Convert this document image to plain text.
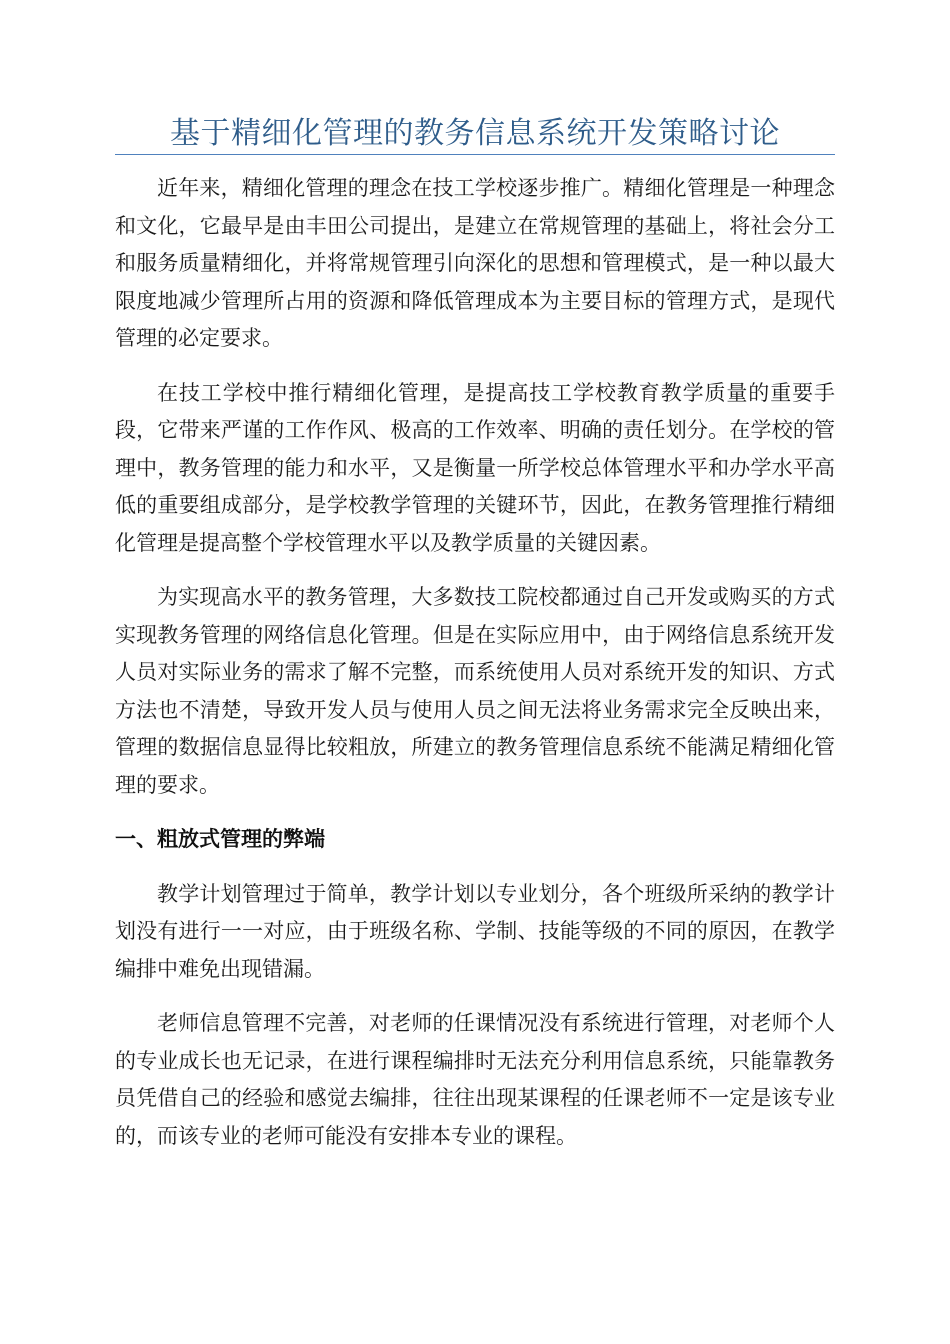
基于精细化管理的教务信息系统开发策略讨论

近年来，精细化管理的理念在技工学校逐步推广。精细化管理是一种理念和文化，它最早是由丰田公司提出，是建立在常规管理的基础上，将社会分工和服务质量精细化，并将常规管理引向深化的思想和管理模式，是一种以最大限度地减少管理所占用的资源和降低管理成本为主要目标的管理方式，是现代管理的必定要求。

在技工学校中推行精细化管理，是提高技工学校教育教学质量的重要手段，它带来严谨的工作作风、极高的工作效率、明确的责任划分。在学校的管理中，教务管理的能力和水平，又是衡量一所学校总体管理水平和办学水平高低的重要组成部分，是学校教学管理的关键环节，因此，在教务管理推行精细化管理是提高整个学校管理水平以及教学质量的关键因素。

为实现高水平的教务管理，大多数技工院校都通过自己开发或购买的方式实现教务管理的网络信息化管理。但是在实际应用中，由于网络信息系统开发人员对实际业务的需求了解不完整，而系统使用人员对系统开发的知识、方式方法也不清楚，导致开发人员与使用人员之间无法将业务需求完全反映出来，管理的数据信息显得比较粗放，所建立的教务管理信息系统不能满足精细化管理的要求。

一、粗放式管理的弊端

教学计划管理过于简单，教学计划以专业划分，各个班级所采纳的教学计划没有进行一一对应，由于班级名称、学制、技能等级的不同的原因，在教学编排中难免出现错漏。

老师信息管理不完善，对老师的任课情况没有系统进行管理，对老师个人的专业成长也无记录，在进行课程编排时无法充分利用信息系统，只能靠教务员凭借自己的经验和感觉去编排，往往出现某课程的任课老师不一定是该专业的，而该专业的老师可能没有安排本专业的课程。
